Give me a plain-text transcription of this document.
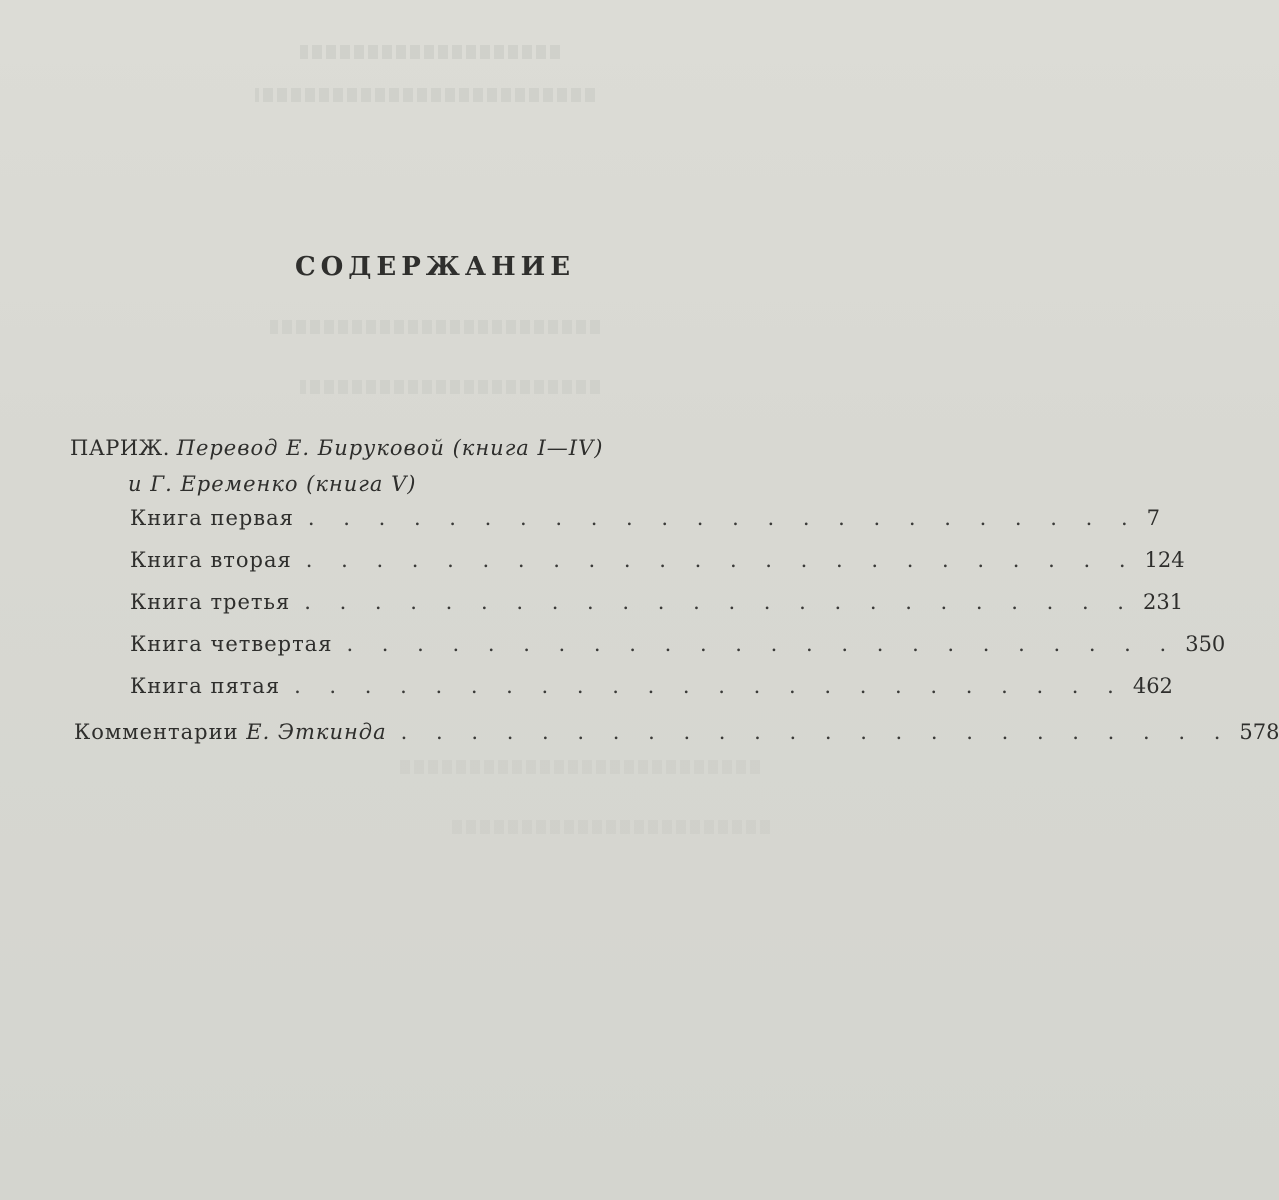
СОДЕРЖАНИЕ
ПАРИЖ. Перевод Е. Бируковой (книга I—IV)
и Г. Еременко (книга V)
Книга первая . . . . . . . . . . . . . . . . . . . . . . . . 7
Книга вторая . . . . . . . . . . . . . . . . . . . . . . . . 124
Книга третья . . . . . . . . . . . . . . . . . . . . . . . . 231
Книга четвертая . . . . . . . . . . . . . . . . . . . . . . . . 350
Книга пятая . . . . . . . . . . . . . . . . . . . . . . . . 462
Комментарии Е. Эткинда . . . . . . . . . . . . . . . . . . . . . . . . 578
